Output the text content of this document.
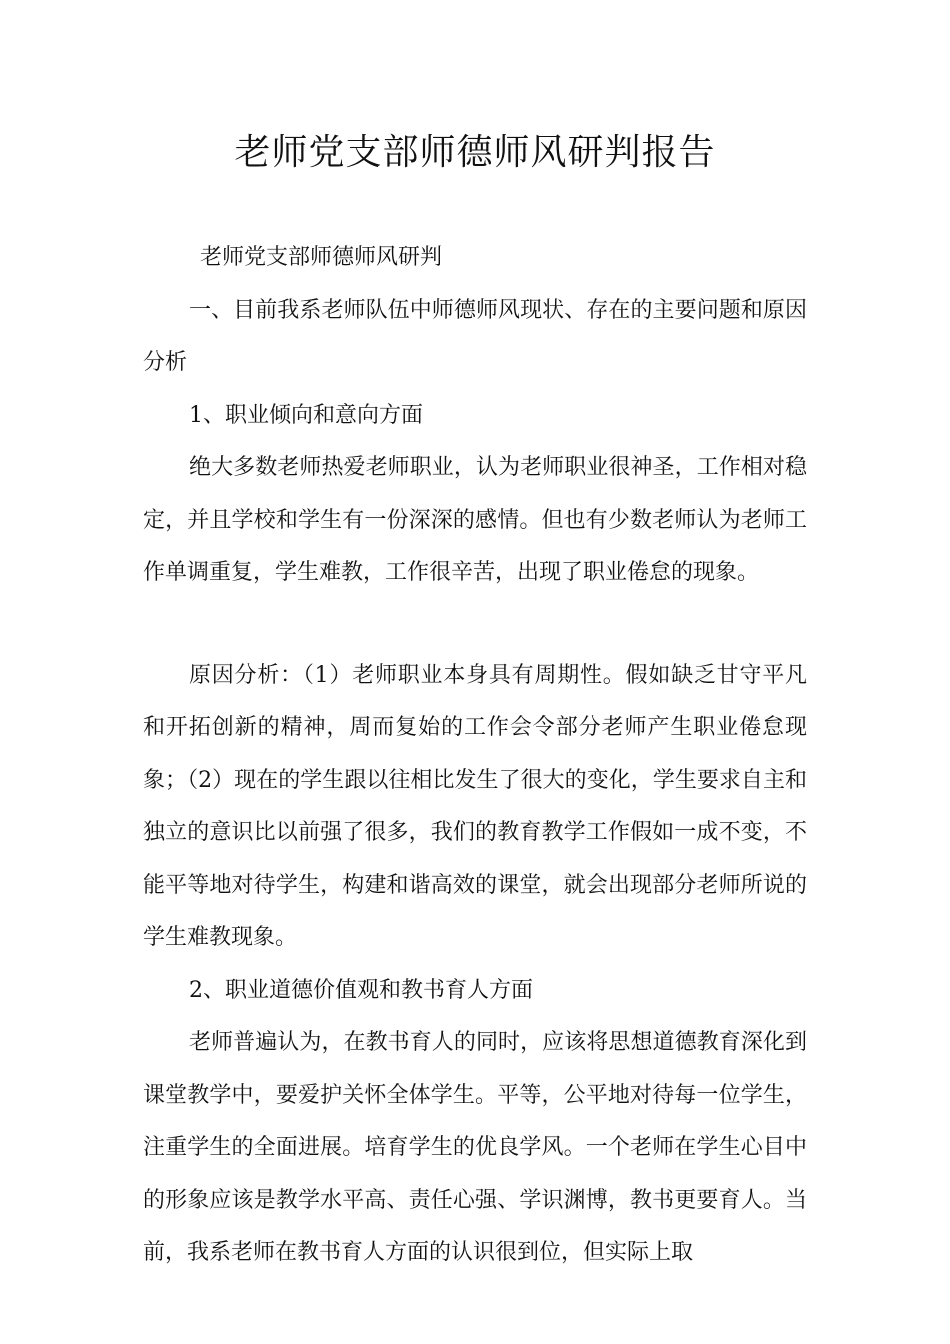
老师党支部师德师风研判报告

老师党支部师德师风研判

一、目前我系老师队伍中师德师风现状、存在的主要问题和原因分析

1、职业倾向和意向方面

绝大多数老师热爱老师职业，认为老师职业很神圣，工作相对稳定，并且学校和学生有一份深深的感情。但也有少数老师认为老师工作单调重复，学生难教，工作很辛苦，出现了职业倦怠的现象。

原因分析：（1）老师职业本身具有周期性。假如缺乏甘守平凡和开拓创新的精神，周而复始的工作会令部分老师产生职业倦怠现象；（2）现在的学生跟以往相比发生了很大的变化，学生要求自主和独立的意识比以前强了很多，我们的教育教学工作假如一成不变，不能平等地对待学生，构建和谐高效的课堂，就会出现部分老师所说的学生难教现象。

2、职业道德价值观和教书育人方面

老师普遍认为，在教书育人的同时，应该将思想道德教育深化到课堂教学中，要爱护关怀全体学生。平等，公平地对待每一位学生，注重学生的全面进展。培育学生的优良学风。一个老师在学生心目中的形象应该是教学水平高、责任心强、学识渊博，教书更要育人。当前，我系老师在教书育人方面的认识很到位，但实际上取
